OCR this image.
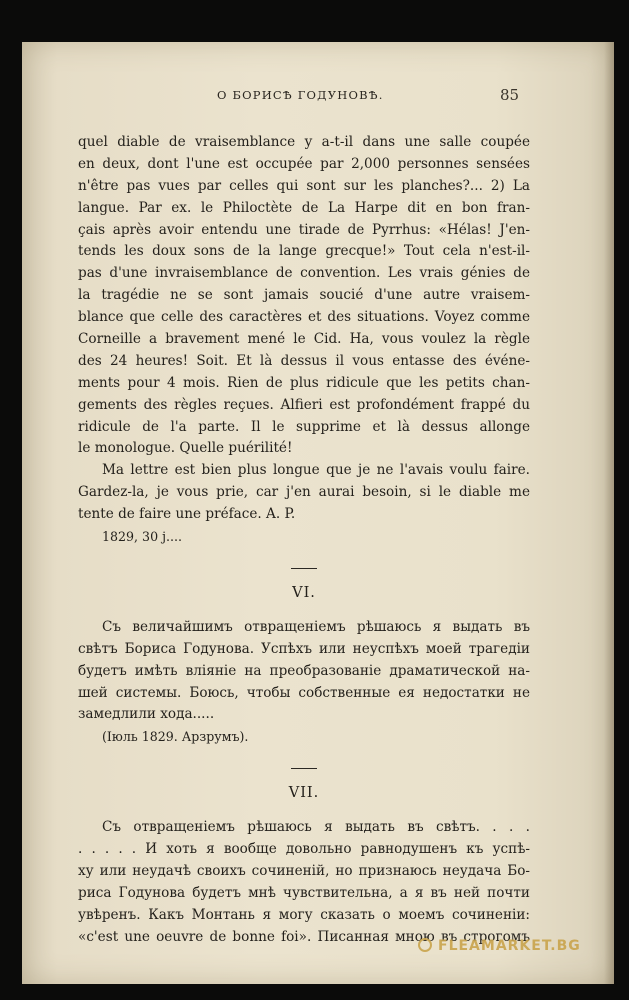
О БОРИСѢ ГОДУНОВѢ.	85
quel diable de vraisemblance y a-t-il dans une salle coupée
en deux, dont l'une est occupée par 2,000 personnes sensées
n'être pas vues par celles qui sont sur les planches?... 2) La
langue. Par ex. le Philoctète de La Harpe dit en bon fran-
çais après avoir entendu une tirade de Pyrrhus: «Hélas! J'en-
tends les doux sons de la lange grecque!» Tout cela n'est-il-
pas d'une invraisemblance de convention. Les vrais génies de
la tragédie ne se sont jamais soucié d'une autre vraisem-
blance que celle des caractères et des situations. Voyez comme
Corneille a bravement mené le Cid. Ha, vous voulez la règle
des 24 heures! Soit. Et là dessus il vous entasse des événe-
ments pour 4 mois. Rien de plus ridicule que les petits chan-
gements des règles reçues. Alfieri est profondément frappé du
ridicule de l'a parte. Il le supprime et là dessus allonge
le monologue. Quelle puérilité!
Ma lettre est bien plus longue que je ne l'avais voulu faire.
Gardez-la, je vous prie, car j'en aurai besoin, si le diable me
tente de faire une préface. A. P.
1829, 30 j....
VI.
Съ величайшимъ отвращеніемъ рѣшаюсь я выдать въ
свѣтъ Бориса Годунова. Успѣхъ или неуспѣхъ моей трагедіи
будетъ имѣть вліяніе на преобразованіе драматической на-
шей системы. Боюсь, чтобы собственные ея недостатки не
замедлили хода.....
(Іюль 1829. Арзрумъ).
VII.
Съ отвращеніемъ рѣшаюсь я выдать въ свѣтъ. . . .
. . . . . И хоть я вообще довольно равнодушенъ къ успѣ-
ху или неудачѣ своихъ сочиненій, но признаюсь неудача Бо-
риса Годунова будетъ мнѣ чувствительна, а я въ ней почти
увѣренъ. Какъ Монтань я могу сказать о моемъ сочиненіи:
«c'est une oeuvre de bonne foi». Писанная мною въ строгомъ
FLEAMARKET.BG
